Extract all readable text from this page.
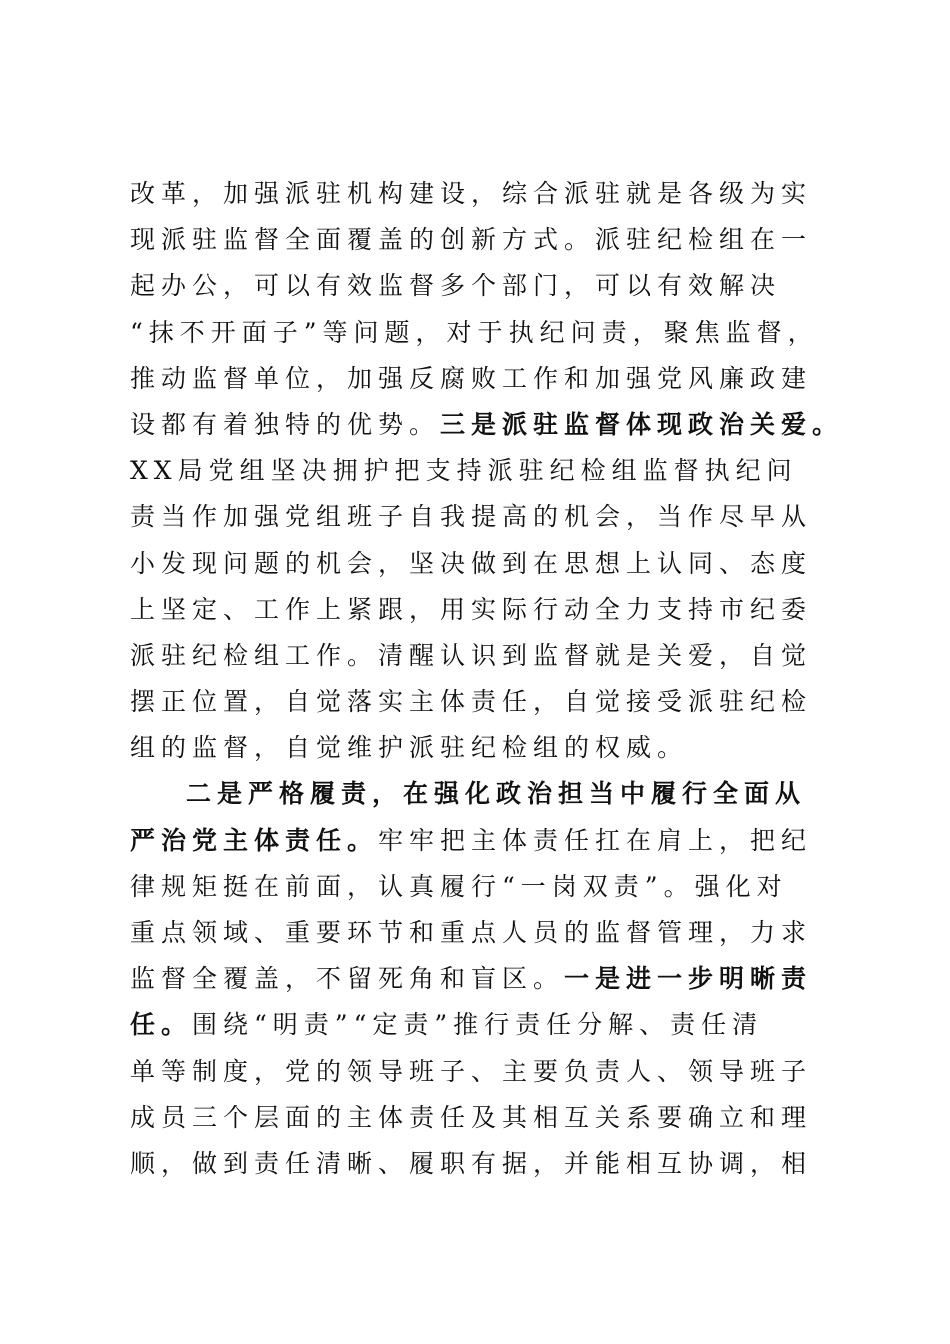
改革，加强派驻机构建设，综合派驻就是各级为实
现派驻监督全面覆盖的创新方式。派驻纪检组在一
起办公，可以有效监督多个部门，可以有效解决
“抹不开面子”等问题，对于执纪问责，聚焦监督，
推动监督单位，加强反腐败工作和加强党风廉政建
设都有着独特的优势。三是派驻监督体现政治关爱。
XX局党组坚决拥护把支持派驻纪检组监督执纪问
责当作加强党组班子自我提高的机会，当作尽早从
小发现问题的机会，坚决做到在思想上认同、态度
上坚定、工作上紧跟，用实际行动全力支持市纪委
派驻纪检组工作。清醒认识到监督就是关爱，自觉
摆正位置，自觉落实主体责任，自觉接受派驻纪检
组的监督，自觉维护派驻纪检组的权威。
二是严格履责，在强化政治担当中履行全面从
严治党主体责任。牢牢把主体责任扛在肩上，把纪
律规矩挺在前面，认真履行“一岗双责”。强化对
重点领域、重要环节和重点人员的监督管理，力求
监督全覆盖，不留死角和盲区。一是进一步明晰责
任。围绕“明责”“定责”推行责任分解、责任清
单等制度，党的领导班子、主要负责人、领导班子
成员三个层面的主体责任及其相互关系要确立和理
顺，做到责任清晰、履职有据，并能相互协调，相
